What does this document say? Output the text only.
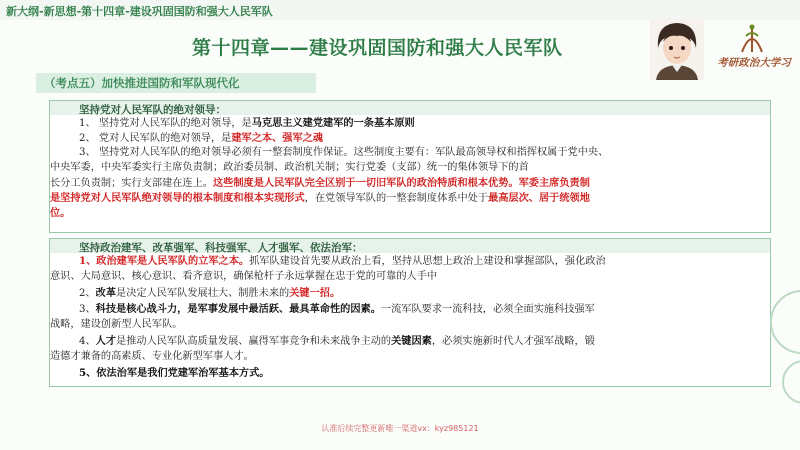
新大纲-新思想-第十四章-建设巩固国防和强大人民军队
第十四章——建设巩固国防和强大人民军队
考研政治大学习
（考点五）加快推进国防和军队现代化
坚持党对人民军队的绝对领导：
1、 坚持党对人民军队的绝对领导，是马克思主义建党建军的一条基本原则
2、 党对人民军队的绝对领导，是建军之本、强军之魂
3、 坚持党对人民军队的绝对领导必须有一整套制度作保证。这些制度主要有：军队最高领导权和指挥权属于党中央、
中央军委，中央军委实行主席负责制；政治委员制、政治机关制；实行党委（支部）统一的集体领导下的首
长分工负责制；实行支部建在连上。这些制度是人民军队完全区别于一切旧军队的政治特质和根本优势。军委主席负责制
是坚持党对人民军队绝对领导的根本制度和根本实现形式，在党领导军队的一整套制度体系中处于最高层次、居于统领地
位。
坚持政治建军、改革强军、科技强军、人才强军、依法治军：
1、政治建军是人民军队的立军之本。抓军队建设首先要从政治上看，坚持从思想上政治上建设和掌握部队，强化政治
意识、大局意识、核心意识、看齐意识，确保枪杆子永远掌握在忠于党的可靠的人手中
2、改革是决定人民军队发展壮大、制胜未来的关键一招。
3、科技是核心战斗力，是军事发展中最活跃、最具革命性的因素。一流军队要求一流科技，必须全面实施科技强军
战略，建设创新型人民军队。
4、人才是推动人民军队高质量发展、赢得军事竞争和未来战争主动的关键因素，必须实施新时代人才强军战略，锻
造德才兼备的高素质、专业化新型军事人才。
5、依法治军是我们党建军治军基本方式。
认准后续完整更新唯一渠道vx：kyz985121
